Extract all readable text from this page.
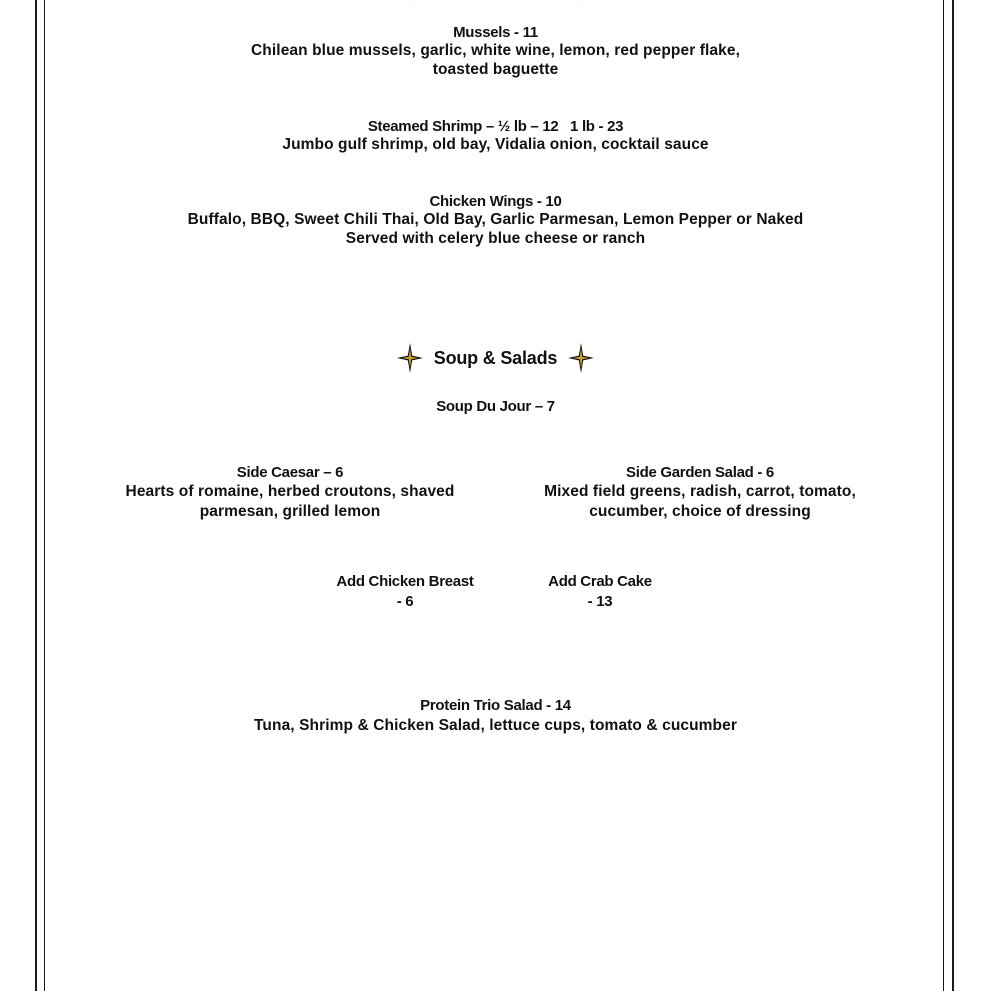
Mussels - 11
Chilean blue mussels, garlic, white wine, lemon, red pepper flake,
toasted baguette
Steamed Shrimp – ½ lb – 12   1 lb - 23
Jumbo gulf shrimp, old bay, Vidalia onion, cocktail sauce
Chicken Wings - 10
Buffalo, BBQ, Sweet Chili Thai, Old Bay, Garlic Parmesan, Lemon Pepper or Naked
Served with celery blue cheese or ranch
Soup & Salads
Soup Du Jour – 7
Side Caesar – 6
Hearts of romaine, herbed croutons, shaved
parmesan, grilled lemon
Side Garden Salad - 6
Mixed field greens, radish, carrot, tomato,
cucumber, choice of dressing
Add Chicken Breast
- 6
Add Crab Cake
- 13
Protein Trio Salad - 14
Tuna, Shrimp & Chicken Salad, lettuce cups, tomato & cucumber
